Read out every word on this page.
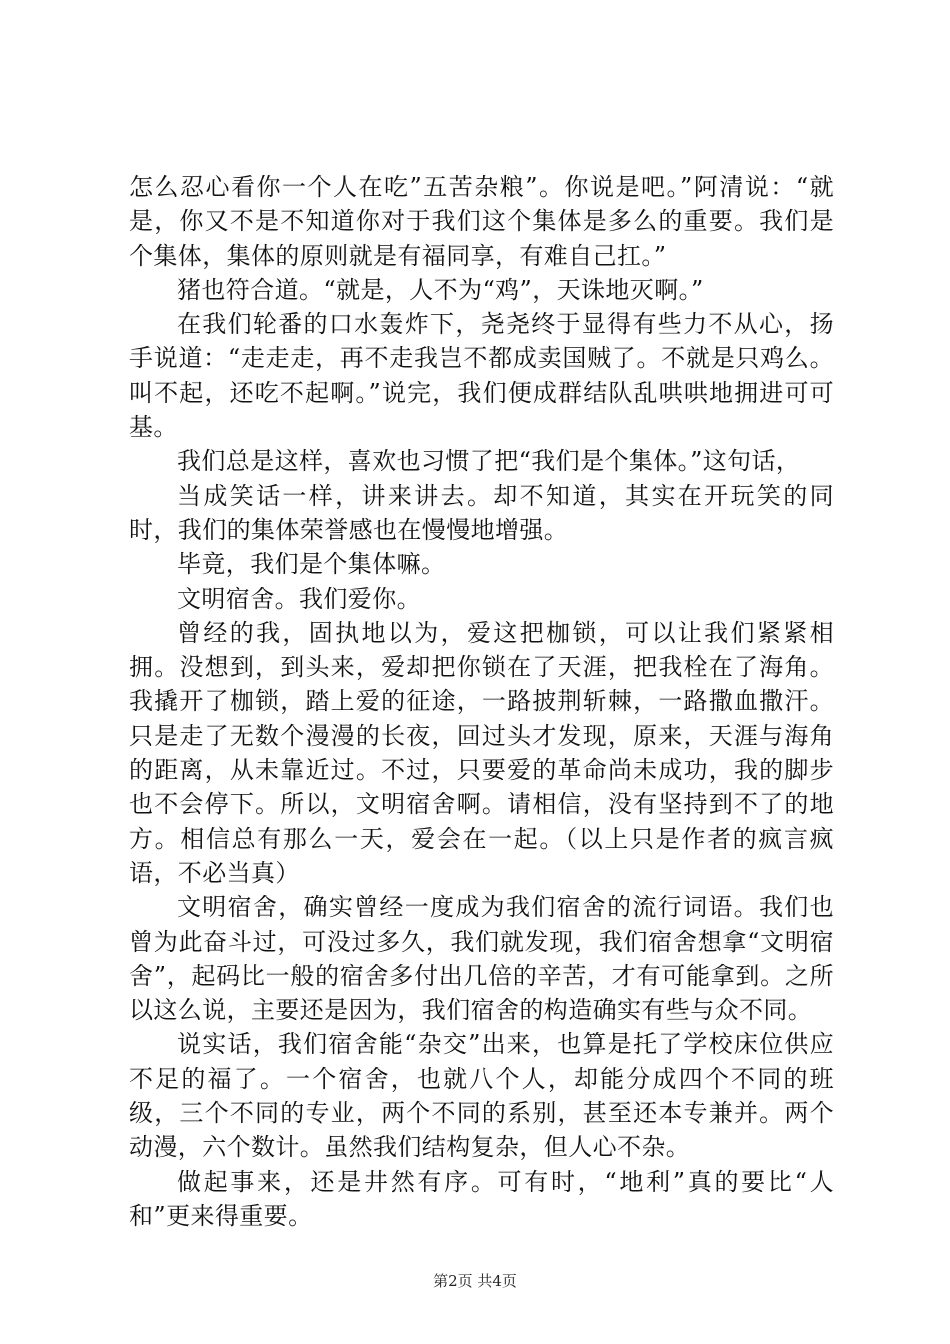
怎么忍心看你一个人在吃”五苦杂粮”。你说是吧。”阿清说：“就是，你又不是不知道你对于我们这个集体是多么的重要。我们是个集体，集体的原则就是有福同享，有难自己扛。”

猪也符合道。“就是，人不为“鸡”，天诛地灭啊。”

在我们轮番的口水轰炸下，尧尧终于显得有些力不从心，扬手说道：“走走走，再不走我岂不都成卖国贼了。不就是只鸡么。叫不起，还吃不起啊。”说完，我们便成群结队乱哄哄地拥进可可基。

我们总是这样，喜欢也习惯了把“我们是个集体。”这句话，

当成笑话一样，讲来讲去。却不知道，其实在开玩笑的同时，我们的集体荣誉感也在慢慢地增强。

毕竟，我们是个集体嘛。

文明宿舍。我们爱你。

曾经的我，固执地以为，爱这把枷锁，可以让我们紧紧相拥。没想到，到头来，爱却把你锁在了天涯，把我栓在了海角。我撬开了枷锁，踏上爱的征途，一路披荆斩棘，一路撒血撒汗。只是走了无数个漫漫的长夜，回过头才发现，原来，天涯与海角的距离，从未靠近过。不过，只要爱的革命尚未成功，我的脚步也不会停下。所以，文明宿舍啊。请相信，没有坚持到不了的地方。相信总有那么一天，爱会在一起。（以上只是作者的疯言疯语，不必当真）

文明宿舍，确实曾经一度成为我们宿舍的流行词语。我们也曾为此奋斗过，可没过多久，我们就发现，我们宿舍想拿“文明宿舍”，起码比一般的宿舍多付出几倍的辛苦，才有可能拿到。之所以这么说，主要还是因为，我们宿舍的构造确实有些与众不同。

说实话，我们宿舍能“杂交”出来，也算是托了学校床位供应不足的福了。一个宿舍，也就八个人，却能分成四个不同的班级，三个不同的专业，两个不同的系别，甚至还本专兼并。两个动漫，六个数计。虽然我们结构复杂，但人心不杂。

做起事来，还是井然有序。可有时，“地利”真的要比“人和”更来得重要。

第2页 共4页
